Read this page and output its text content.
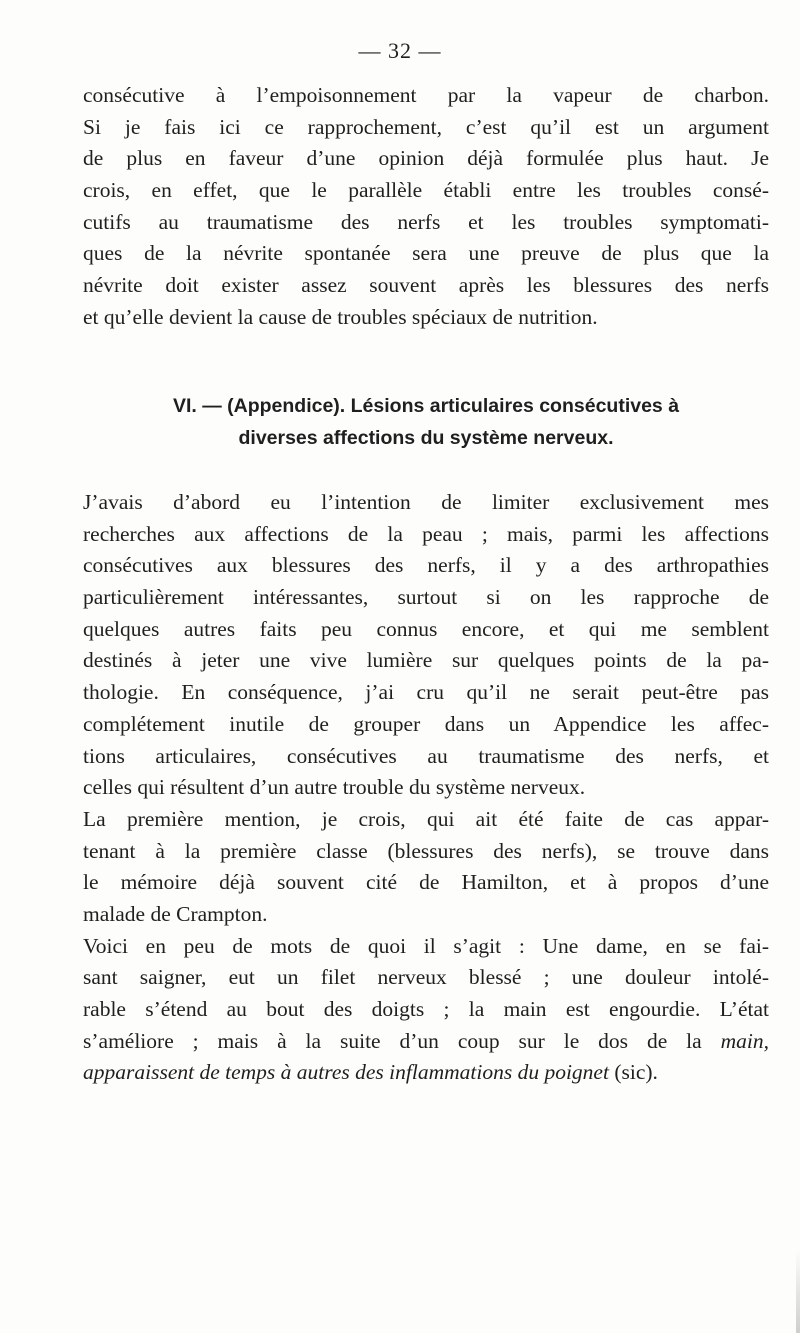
— 32 —
consécutive à l’empoisonnement par la vapeur de charbon.
Si je fais ici ce rapprochement, c’est qu’il est un argument
de plus en faveur d’une opinion déjà formulée plus haut. Je
crois, en effet, que le parallèle établi entre les troubles consé-
cutifs au traumatisme des nerfs et les troubles symptomati-
ques de la névrite spontanée sera une preuve de plus que la
névrite doit exister assez souvent après les blessures des nerfs
et qu’elle devient la cause de troubles spéciaux de nutrition.
VI. — (Appendice). Lésions articulaires consécutives à
diverses affections du système nerveux.
J’avais d’abord eu l’intention de limiter exclusivement mes
recherches aux affections de la peau ; mais, parmi les affections
consécutives aux blessures des nerfs, il y a des arthropathies
particulièrement intéressantes, surtout si on les rapproche de
quelques autres faits peu connus encore, et qui me semblent
destinés à jeter une vive lumière sur quelques points de la pa-
thologie. En conséquence, j’ai cru qu’il ne serait peut-être pas
complétement inutile de grouper dans un Appendice les affec-
tions articulaires, consécutives au traumatisme des nerfs, et
celles qui résultent d’un autre trouble du système nerveux.
La première mention, je crois, qui ait été faite de cas appar-
tenant à la première classe (blessures des nerfs), se trouve dans
le mémoire déjà souvent cité de Hamilton, et à propos d’une
malade de Crampton.
Voici en peu de mots de quoi il s’agit : Une dame, en se fai-
sant saigner, eut un filet nerveux blessé ; une douleur intolé-
rable s’étend au bout des doigts ; la main est engourdie. L’état
s’améliore ; mais à la suite d’un coup sur le dos de la main,
apparaissent de temps à autres des inflammations du poignet (sic).
